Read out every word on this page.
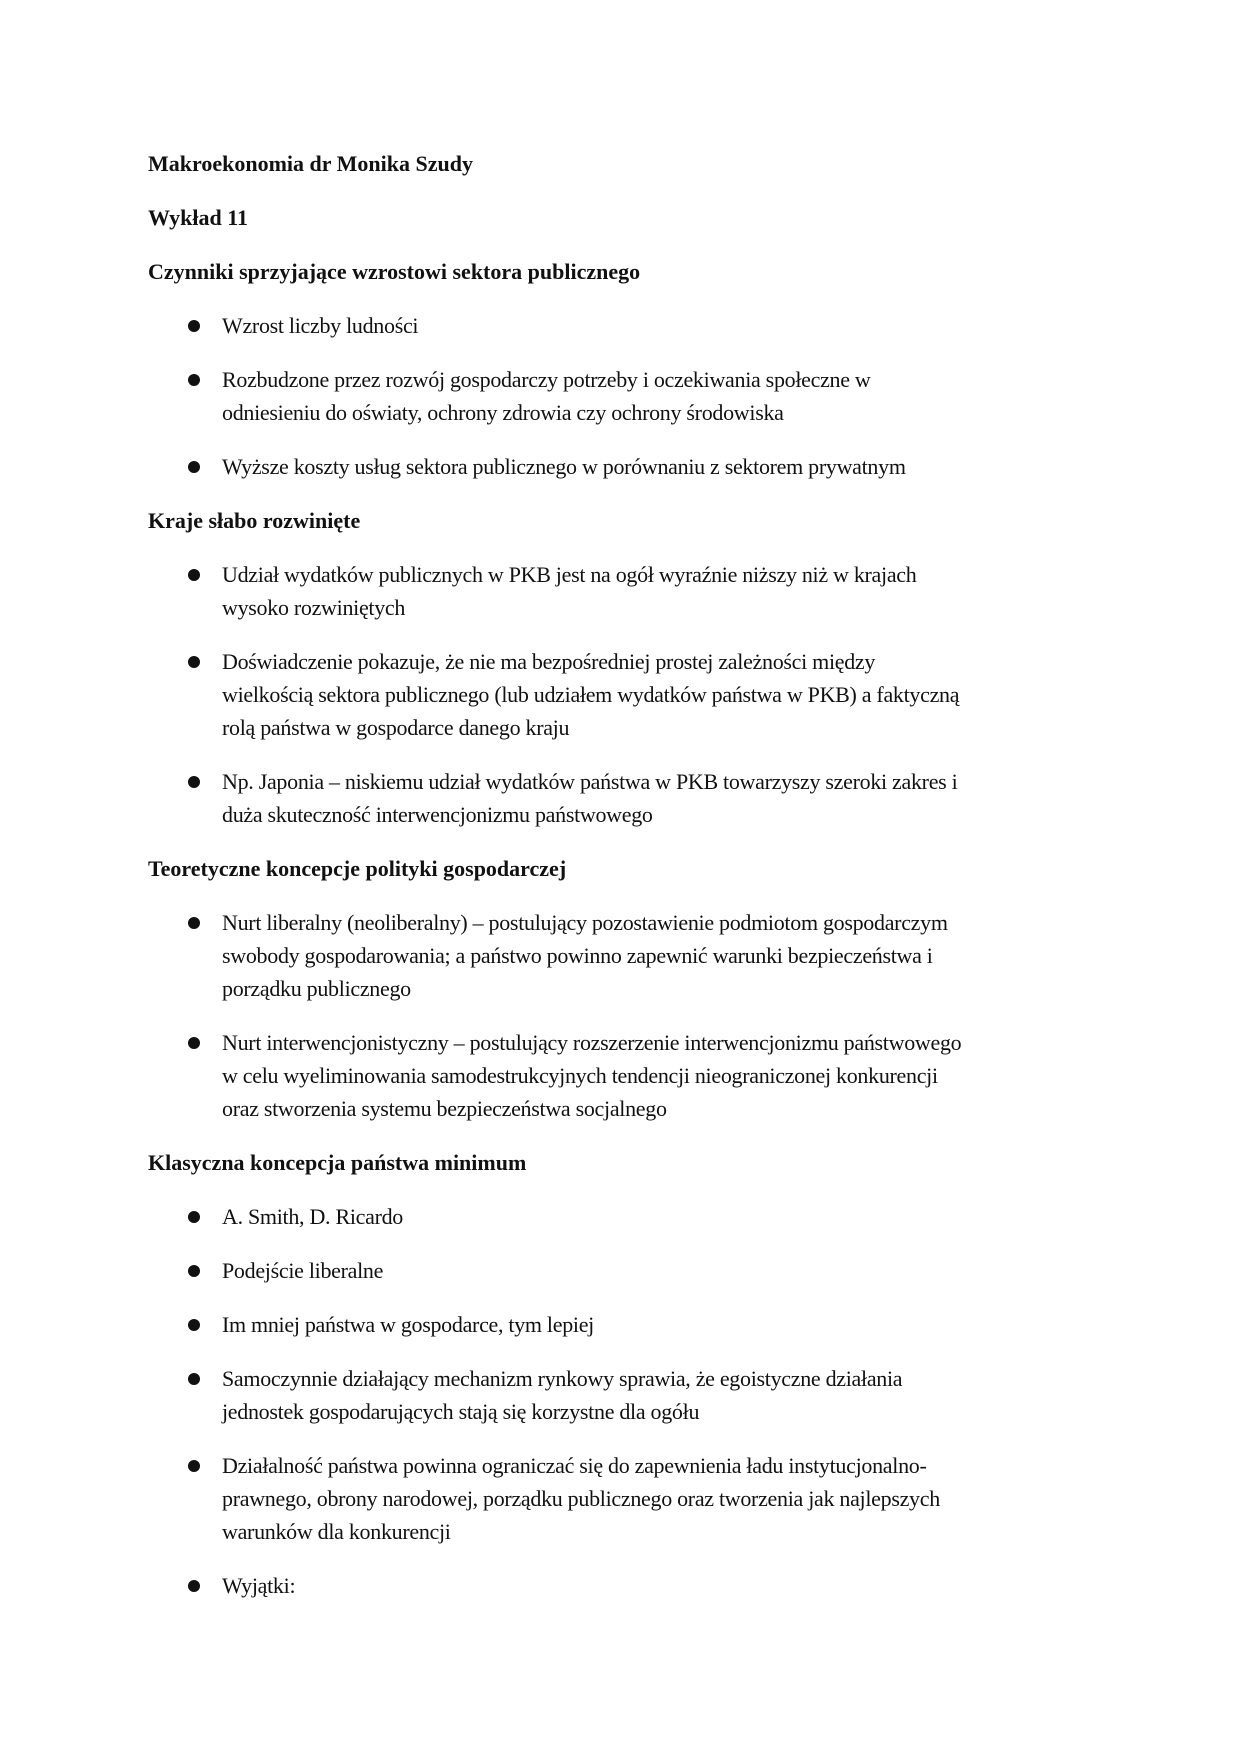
Makroekonomia dr Monika Szudy
Wykład 11
Czynniki sprzyjające wzrostowi sektora publicznego
Wzrost liczby ludności
Rozbudzone przez rozwój gospodarczy potrzeby i oczekiwania społeczne w
odniesieniu do oświaty, ochrony zdrowia czy ochrony środowiska
Wyższe koszty usług sektora publicznego w porównaniu z sektorem prywatnym
Kraje słabo rozwinięte
Udział wydatków publicznych w PKB jest na ogół wyraźnie niższy niż w krajach
wysoko rozwiniętych
Doświadczenie pokazuje, że nie ma bezpośredniej prostej zależności między
wielkością sektora publicznego (lub udziałem wydatków państwa w PKB) a faktyczną
rolą państwa w gospodarce danego kraju
Np. Japonia – niskiemu udział wydatków państwa w PKB towarzyszy szeroki zakres i
duża skuteczność interwencjonizmu państwowego
Teoretyczne koncepcje polityki gospodarczej
Nurt liberalny (neoliberalny) – postulujący pozostawienie podmiotom gospodarczym
swobody gospodarowania; a państwo powinno zapewnić warunki bezpieczeństwa i
porządku publicznego
Nurt interwencjonistyczny – postulujący rozszerzenie interwencjonizmu państwowego
w celu wyeliminowania samodestrukcyjnych tendencji nieograniczonej konkurencji
oraz stworzenia systemu bezpieczeństwa socjalnego
Klasyczna koncepcja państwa minimum
A. Smith, D. Ricardo
Podejście liberalne
Im mniej państwa w gospodarce, tym lepiej
Samoczynnie działający mechanizm rynkowy sprawia, że egoistyczne działania
jednostek gospodarujących stają się korzystne dla ogółu
Działalność państwa powinna ograniczać się do zapewnienia ładu instytucjonalno-
prawnego, obrony narodowej, porządku publicznego oraz tworzenia jak najlepszych
warunków dla konkurencji
Wyjątki:
